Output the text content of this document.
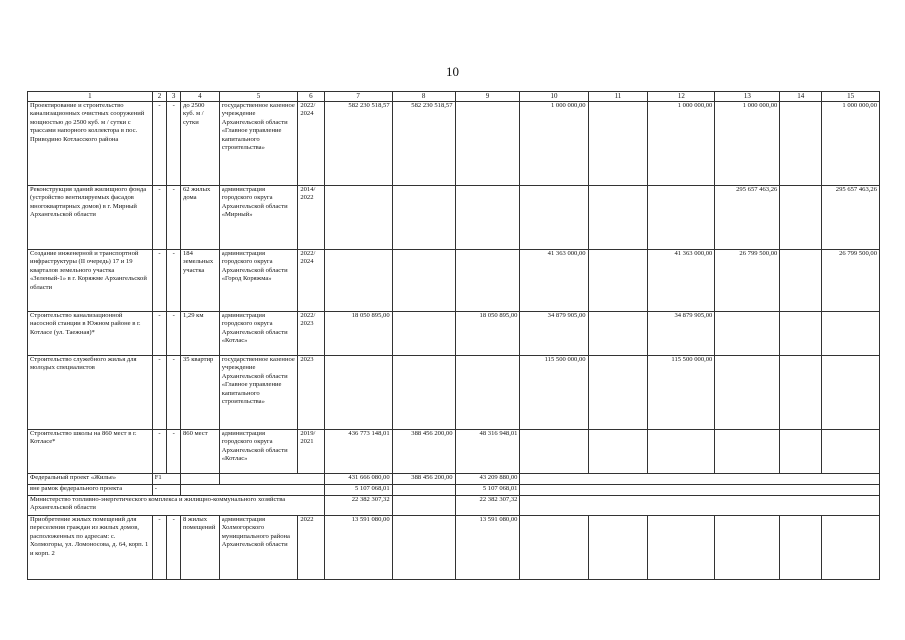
10
1	2	3	4	5	6	7	8	9	10	11	12	13	14	15
Проектирование и строительство канализационных очистных сооружений мощностью до 2500 куб. м / сутки с трассами напорного коллектора в пос. Приводино Котласского района	-	-	до 2500 куб. м / сутки	государственное казенное учреждение Архангельской области «Главное управление капитального строительства»	2022/ 2024	582 230 518,57	582 230 518,57		1 000 000,00		1 000 000,00	1 000 000,00		1 000 000,00
Реконструкция зданий жилищного фонда (устройство вентилируемых фасадов многоквартирных домов) в г. Мирный Архангельской области	-	-	62 жилых дома	администрация городского округа Архангельской области «Мирный»	2014/ 2022							295 657 463,26		295 657 463,26
Создание инженерной и транспортной инфраструктуры (II очередь) 17 и 19 кварталов земельного участка «Зеленый-1» в г. Коряжме Архангельской области	-	-	184 земельных участка	администрация городского округа Архангельской области «Город Коряжма»	2022/ 2024				41 363 000,00		41 363 000,00	26 799 500,00		26 799 500,00
Строительство канализационной насосной станции в Южном районе в г. Котласе (ул. Таежная)*	-	-	1,29 км	администрация городского округа Архангельской области «Котлас»	2022/ 2023	18 050 895,00		18 050 895,00	34 879 905,00		34 879 905,00			
Строительство служебного жилья для молодых специалистов	-	-	35 квартир	государственное казенное учреждение Архангельской области «Главное управление капитального строительства»	2023				115 500 000,00		115 500 000,00			
Строительство школы на 860 мест в г. Котласе*	-	-	860 мест	администрация городского округа Архангельской области «Котлас»	2019/ 2021	436 773 148,01	388 456 200,00	48 316 948,01						
Федеральный проект «Жилье»	F1					431 666 080,00	388 456 200,00	43 209 880,00						
вне рамок федерального проекта	-					5 107 068,01		5 107 068,01						
Министерство топливно-энергетического комплекса и жилищно-коммунального хозяйства Архангельской области						22 382 307,32		22 382 307,32						
Приобретение жилых помещений для переселения граждан из жилых домов, расположенных по адресам: с. Холмогоры, ул. Ломоносова, д. 64, корп. 1 и корп. 2	-	-	8 жилых помещений	администрация Холмогорского муниципального района Архангельской области	2022	13 591 080,00		13 591 080,00						
